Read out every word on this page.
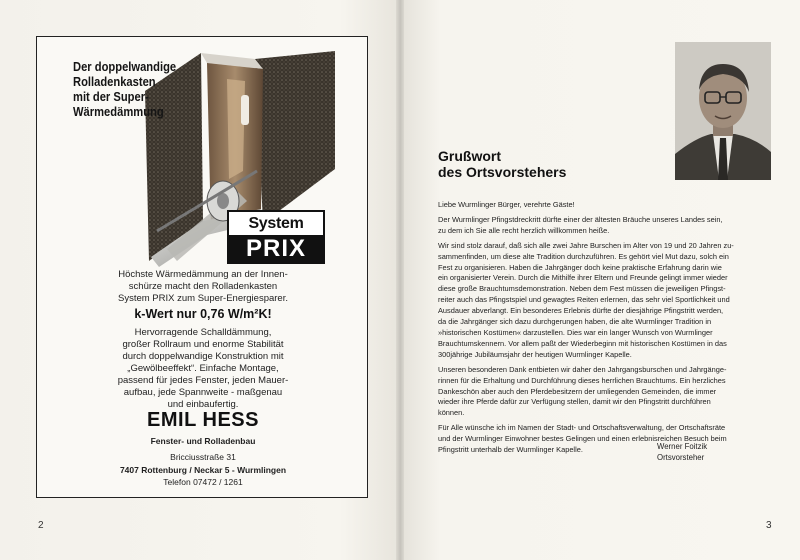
Der doppelwandige
Rolladenkasten
mit der Super-
Wärmedämmung
System
PRIX
Höchste Wärmedämmung an der Innen-
schürze macht den Rolladenkasten
System PRIX zum Super-Energiesparer.
k-Wert nur 0,76 W/m²K!
Hervorragende Schalldämmung,
großer Rollraum und enorme Stabilität
durch doppelwandige Konstruktion mit
„Gewölbeeffekt“. Einfache Montage,
passend für jedes Fenster, jeden Mauer-
aufbau, jede Spannweite - maßgenau
und einbaufertig.
EMIL HESS
Fenster- und Rolladenbau
Bricciusstraße 31
7407 Rottenburg / Neckar 5 - Wurmlingen
Telefon 07472 / 1261
2
Grußwort
des Ortsvorstehers
Liebe Wurmlinger Bürger, verehrte Gäste!
Der Wurmlinger Pfingstdreckritt dürfte einer der ältesten Bräuche unseres Landes sein,
zu dem ich Sie alle recht herzlich willkommen heiße.
Wir sind stolz darauf, daß sich alle zwei Jahre Burschen im Alter von 19 und 20 Jahren zu-
sammenfinden, um diese alte Tradition durchzuführen. Es gehört viel Mut dazu, solch ein
Fest zu organisieren. Haben die Jahrgänger doch keine praktische Erfahrung darin wie
ein organisierter Verein. Durch die Mithilfe ihrer Eltern und Freunde gelingt immer wieder
diese große Brauchtumsdemonstration. Neben dem Fest müssen die jeweiligen Pfingst-
reiter auch das Pfingstspiel und gewagtes Reiten erlernen, das sehr viel Sportlichkeit und
Ausdauer abverlangt. Ein besonderes Erlebnis dürfte der diesjährige Pfingstritt werden,
da die Jahrgänger sich dazu durchgerungen haben, die alte Wurmlinger Tradition in
»historischen Kostümen« darzustellen. Dies war ein langer Wunsch von Wurmlinger
Brauchtumskennern. Vor allem paßt der Wiederbeginn mit historischen Kostümen in das
300jährige Jubiläumsjahr der heutigen Wurmlinger Kapelle.
Unseren besonderen Dank entbieten wir daher den Jahrgangsburschen und Jahrgänge-
rinnen für die Erhaltung und Durchführung dieses herrlichen Brauchtums. Ein herzliches
Dankeschön aber auch den Pferdebesitzern der umliegenden Gemeinden, die immer
wieder ihre Pferde dafür zur Verfügung stellen, damit wir den Pfingstritt durchführen
können.
Für Alle wünsche ich im Namen der Stadt- und Ortschaftsverwaltung, der Ortschaftsräte
und der Wurmlinger Einwohner bestes Gelingen und einen erlebnisreichen Besuch beim
Pfingstritt unterhalb der Wurmlinger Kapelle.	Werner Foitzik
Ortsvorsteher
3
